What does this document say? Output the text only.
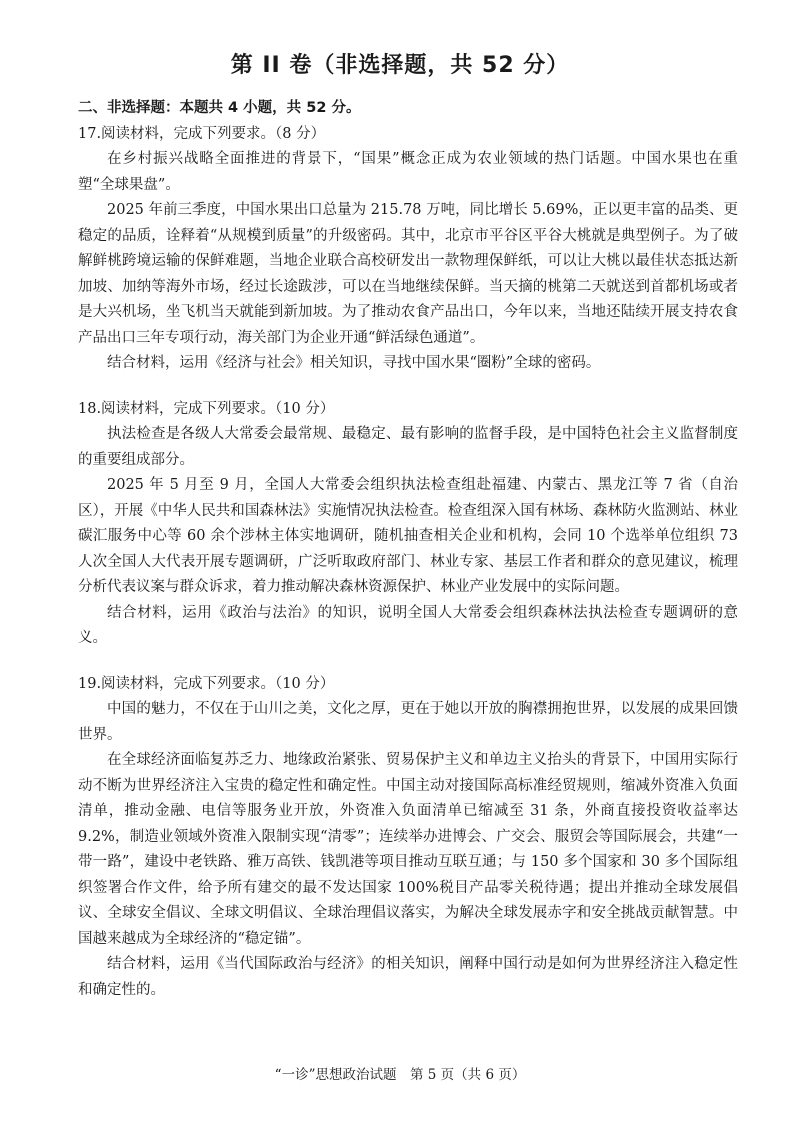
第 II 卷（非选择题，共 52 分）
二、非选择题：本题共 4 小题，共 52 分。

17.阅读材料，完成下列要求。（8 分）

在乡村振兴战略全面推进的背景下，“国果”概念正成为农业领域的热门话题。中国水果也在重塑“全球果盘”。

2025 年前三季度，中国水果出口总量为 215.78 万吨，同比增长 5.69%，正以更丰富的品类、更稳定的品质，诠释着“从规模到质量”的升级密码。其中，北京市平谷区平谷大桃就是典型例子。为了破解鲜桃跨境运输的保鲜难题，当地企业联合高校研发出一款物理保鲜纸，可以让大桃以最佳状态抵达新加坡、加纳等海外市场，经过长途跋涉，可以在当地继续保鲜。当天摘的桃第二天就送到首都机场或者是大兴机场，坐飞机当天就能到新加坡。为了推动农食产品出口，今年以来，当地还陆续开展支持农食产品出口三年专项行动，海关部门为企业开通“鲜活绿色通道”。

结合材料，运用《经济与社会》相关知识，寻找中国水果“圈粉”全球的密码。

18.阅读材料，完成下列要求。（10 分）

执法检查是各级人大常委会最常规、最稳定、最有影响的监督手段，是中国特色社会主义监督制度的重要组成部分。

2025 年 5 月至 9 月，全国人大常委会组织执法检查组赴福建、内蒙古、黑龙江等 7 省（自治区），开展《中华人民共和国森林法》实施情况执法检查。检查组深入国有林场、森林防火监测站、林业碳汇服务中心等 60 余个涉林主体实地调研，随机抽查相关企业和机构，会同 10 个选举单位组织 73 人次全国人大代表开展专题调研，广泛听取政府部门、林业专家、基层工作者和群众的意见建议，梳理分析代表议案与群众诉求，着力推动解决森林资源保护、林业产业发展中的实际问题。

结合材料，运用《政治与法治》的知识，说明全国人大常委会组织森林法执法检查专题调研的意义。

19.阅读材料，完成下列要求。（10 分）

中国的魅力，不仅在于山川之美，文化之厚，更在于她以开放的胸襟拥抱世界，以发展的成果回馈世界。

在全球经济面临复苏乏力、地缘政治紧张、贸易保护主义和单边主义抬头的背景下，中国用实际行动不断为世界经济注入宝贵的稳定性和确定性。中国主动对接国际高标准经贸规则，缩减外资准入负面清单，推动金融、电信等服务业开放，外资准入负面清单已缩减至 31 条，外商直接投资收益率达 9.2%，制造业领域外资准入限制实现“清零”；连续举办进博会、广交会、服贸会等国际展会，共建“一带一路”，建设中老铁路、雅万高铁、钱凯港等项目推动互联互通；与 150 多个国家和 30 多个国际组织签署合作文件，给予所有建交的最不发达国家 100%税目产品零关税待遇；提出并推动全球发展倡议、全球安全倡议、全球文明倡议、全球治理倡议落实，为解决全球发展赤字和安全挑战贡献智慧。中国越来越成为全球经济的“稳定锚”。

结合材料，运用《当代国际政治与经济》的相关知识，阐释中国行动是如何为世界经济注入稳定性和确定性的。

“一诊”思想政治试题　第 5 页（共 6 页）
